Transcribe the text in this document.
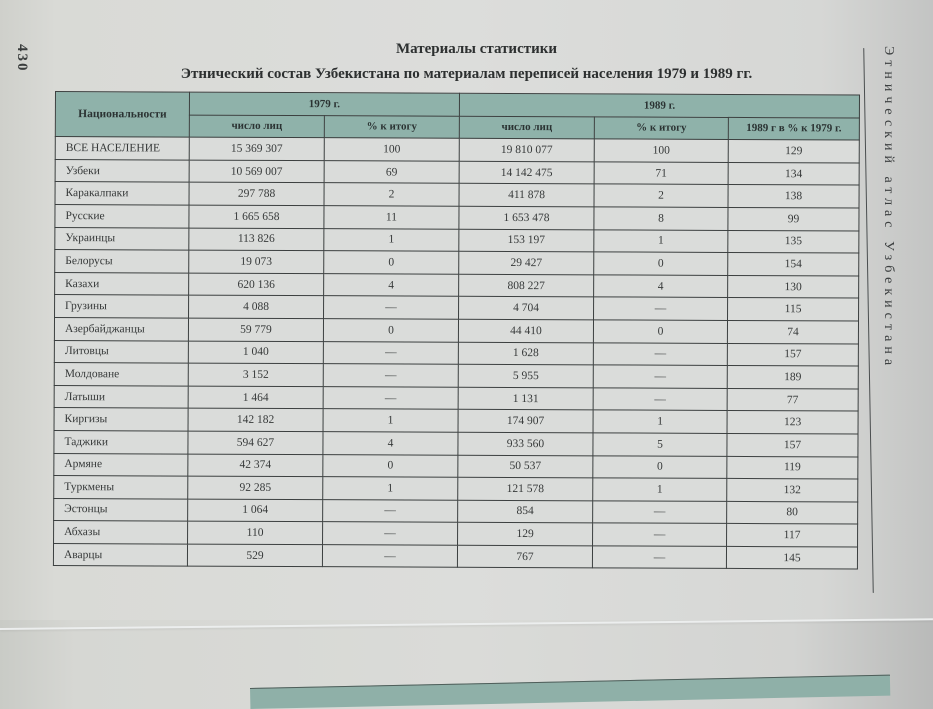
430	Этнический атлас Узбекистана
Материалы статистики
Этнический состав Узбекистана по материалам переписей населения 1979 и 1989 гг.
Национальности	1979 г.		1989 г.		
	число лиц	% к итогу	число лиц	% к итогу	1989 г в % к 1979 г.
ВСЕ НАСЕЛЕНИЕ	15 369 307	100	19 810 077	100	129
Узбеки	10 569 007	69	14 142 475	71	134
Каракалпаки	297 788	2	411 878	2	138
Русские	1 665 658	11	1 653 478	8	99
Украинцы	113 826	1	153 197	1	135
Белорусы	19 073	0	29 427	0	154
Казахи	620 136	4	808 227	4	130
Грузины	4 088	—	4 704	—	115
Азербайджанцы	59 779	0	44 410	0	74
Литовцы	1 040	—	1 628	—	157
Молдоване	3 152	—	5 955	—	189
Латыши	1 464	—	1 131	—	77
Киргизы	142 182	1	174 907	1	123
Таджики	594 627	4	933 560	5	157
Армяне	42 374	0	50 537	0	119
Туркмены	92 285	1	121 578	1	132
Эстонцы	1 064	—	854	—	80
Абхазы	110	—	129	—	117
Аварцы	529	—	767	—	145
